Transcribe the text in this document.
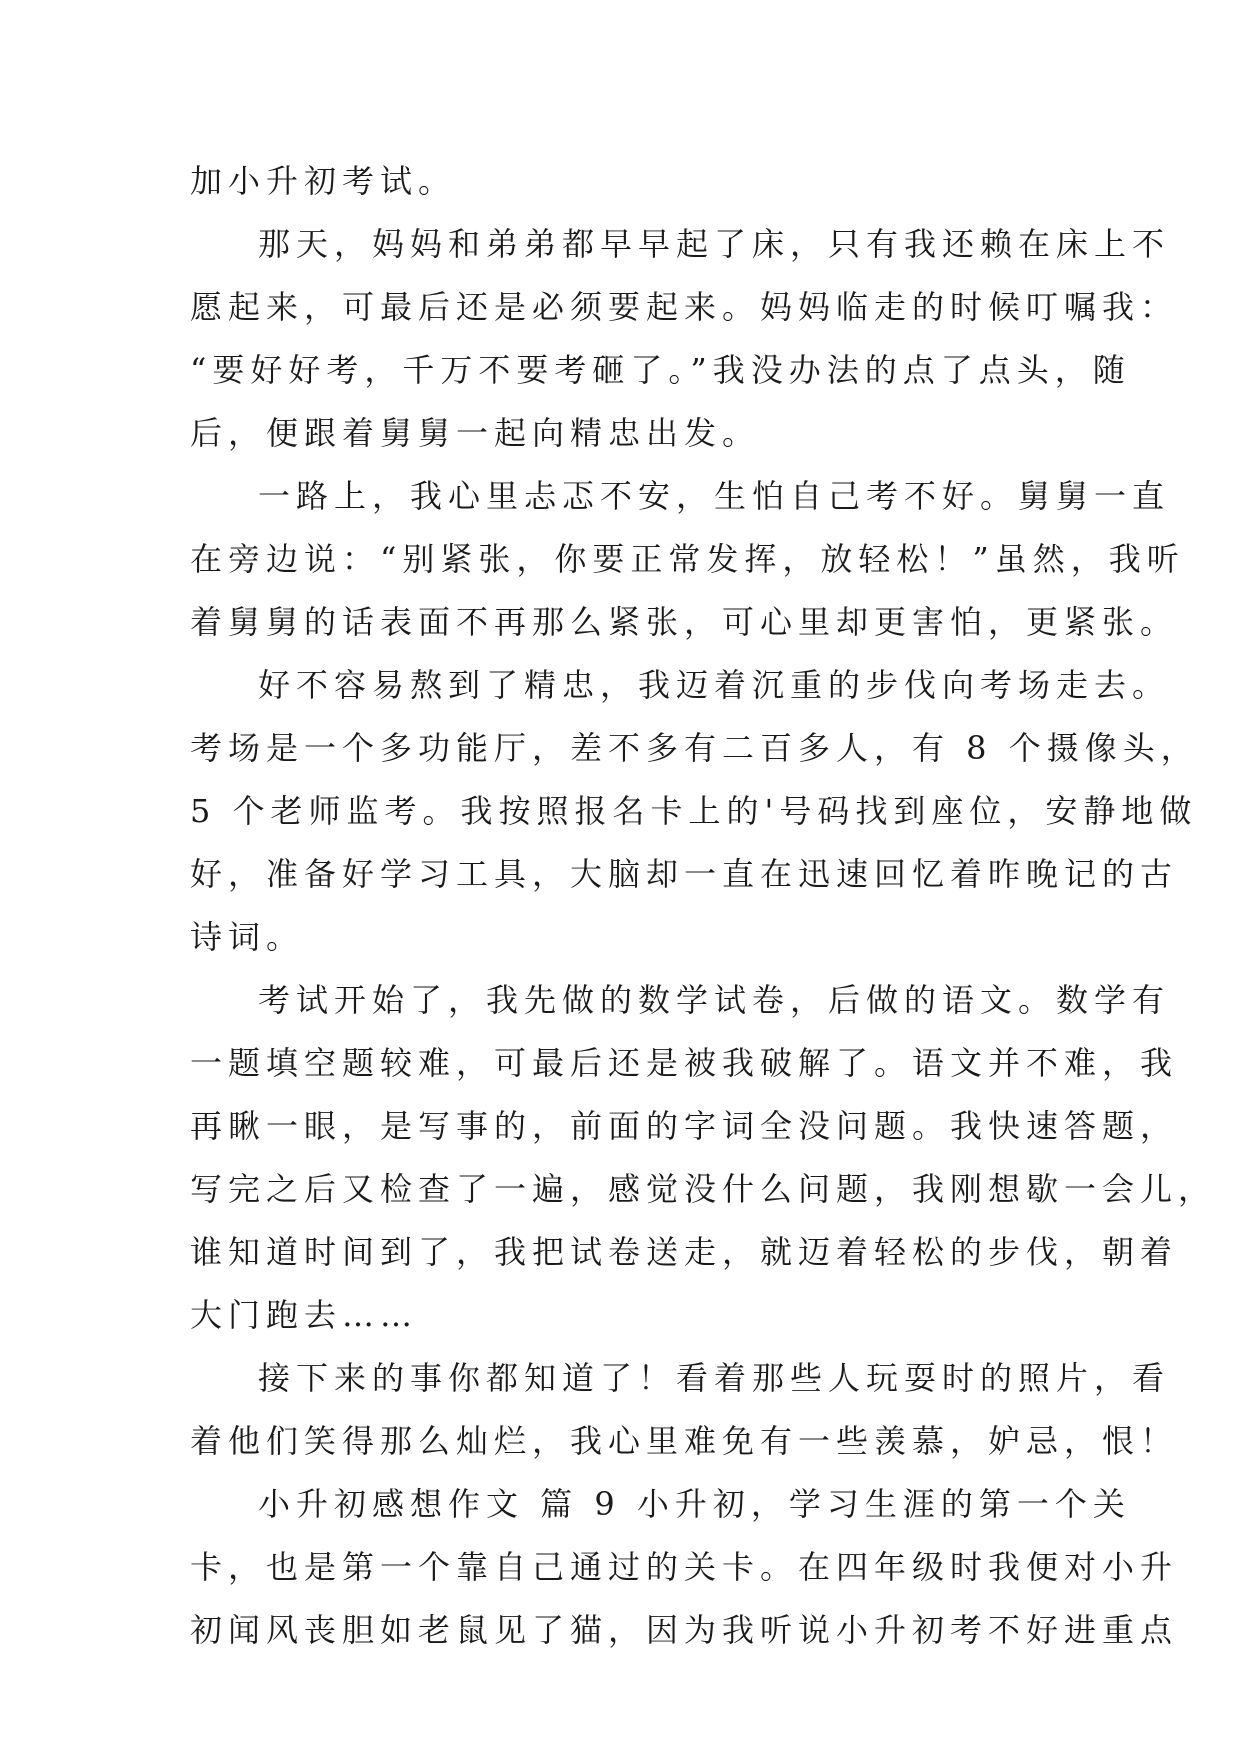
加小升初考试。
那天，妈妈和弟弟都早早起了床，只有我还赖在床上不
愿起来，可最后还是必须要起来。妈妈临走的时候叮嘱我：
“要好好考，千万不要考砸了。”我没办法的点了点头，随
后，便跟着舅舅一起向精忠出发。
一路上，我心里忐忑不安，生怕自己考不好。舅舅一直
在旁边说：“别紧张，你要正常发挥，放轻松！”虽然，我听
着舅舅的话表面不再那么紧张，可心里却更害怕，更紧张。
好不容易熬到了精忠，我迈着沉重的步伐向考场走去。
考场是一个多功能厅，差不多有二百多人，有 8 个摄像头，
5 个老师监考。我按照报名卡上的'号码找到座位，安静地做
好，准备好学习工具，大脑却一直在迅速回忆着昨晚记的古
诗词。
考试开始了，我先做的数学试卷，后做的语文。数学有
一题填空题较难，可最后还是被我破解了。语文并不难，我
再瞅一眼，是写事的，前面的字词全没问题。我快速答题，
写完之后又检查了一遍，感觉没什么问题，我刚想歇一会儿，
谁知道时间到了，我把试卷送走，就迈着轻松的步伐，朝着
大门跑去……
接下来的事你都知道了！看着那些人玩耍时的照片，看
着他们笑得那么灿烂，我心里难免有一些羡慕，妒忌，恨！
小升初感想作文 篇 9 小升初，学习生涯的第一个关
卡，也是第一个靠自己通过的关卡。在四年级时我便对小升
初闻风丧胆如老鼠见了猫，因为我听说小升初考不好进重点
